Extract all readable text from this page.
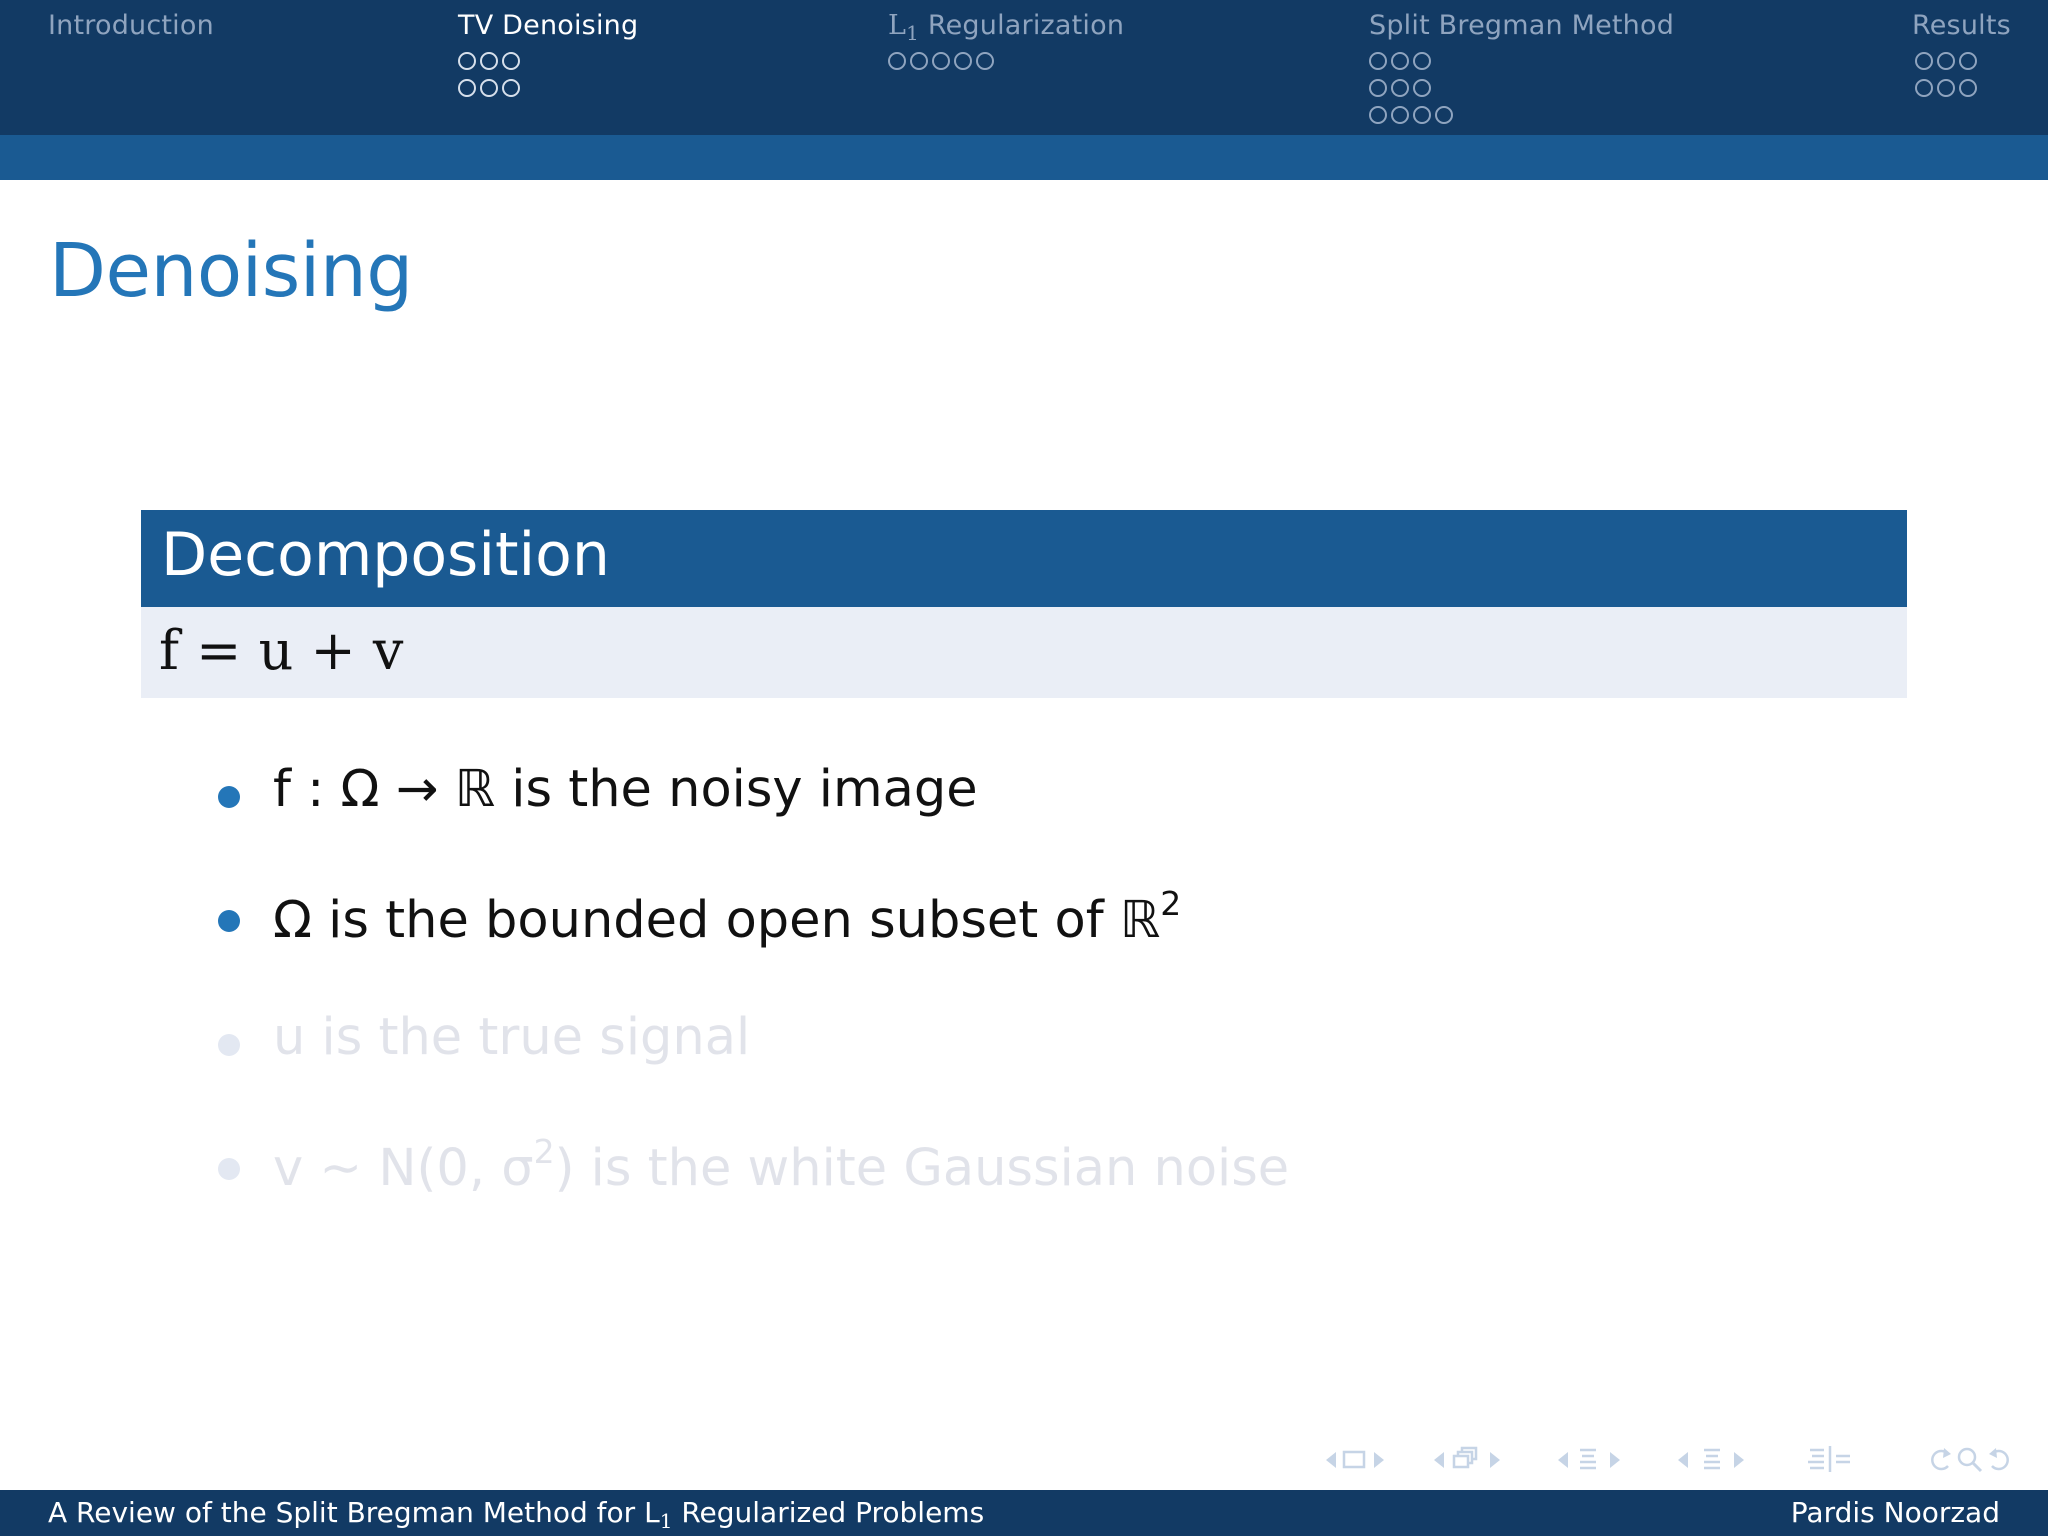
Introduction	TV Denoising	$L_1$ Regularization	Split Bregman Method	Results
Denoising
Decomposition
f = u + v
f : Ω → ℝ is the noisy image
Ω is the bounded open subset of ℝ$^2$
u is the true signal
v ∼ N(0, $\sigma^2$) is the white Gaussian noise
A Review of the Split Bregman Method for $L_1$ Regularized Problems	Pardis Noorzad
